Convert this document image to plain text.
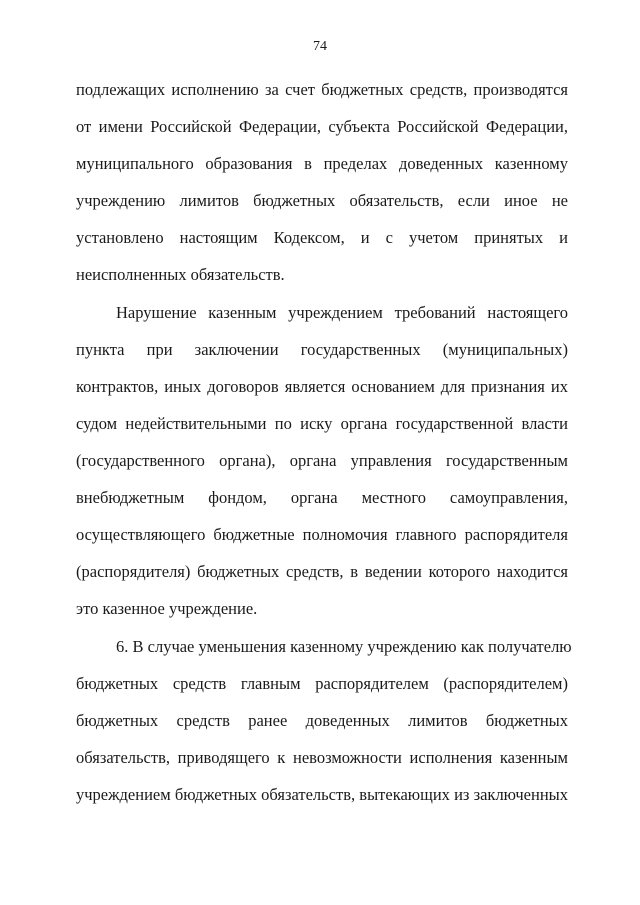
74
подлежащих исполнению за счет бюджетных средств, производятся
от имени Российской Федерации, субъекта Российской Федерации,
муниципального образования в пределах доведенных казенному
учреждению лимитов бюджетных обязательств, если иное не
установлено настоящим Кодексом, и с учетом принятых и
неисполненных обязательств.
Нарушение казенным учреждением требований настоящего
пункта при заключении государственных (муниципальных)
контрактов, иных договоров является основанием для признания их
судом недействительными по иску органа государственной власти
(государственного органа), органа управления государственным
внебюджетным фондом, органа местного самоуправления,
осуществляющего бюджетные полномочия главного распорядителя
(распорядителя) бюджетных средств, в ведении которого находится
это казенное учреждение.
6. В случае уменьшения казенному учреждению как получателю
бюджетных средств главным распорядителем (распорядителем)
бюджетных средств ранее доведенных лимитов бюджетных
обязательств, приводящего к невозможности исполнения казенным
учреждением бюджетных обязательств, вытекающих из заключенных
